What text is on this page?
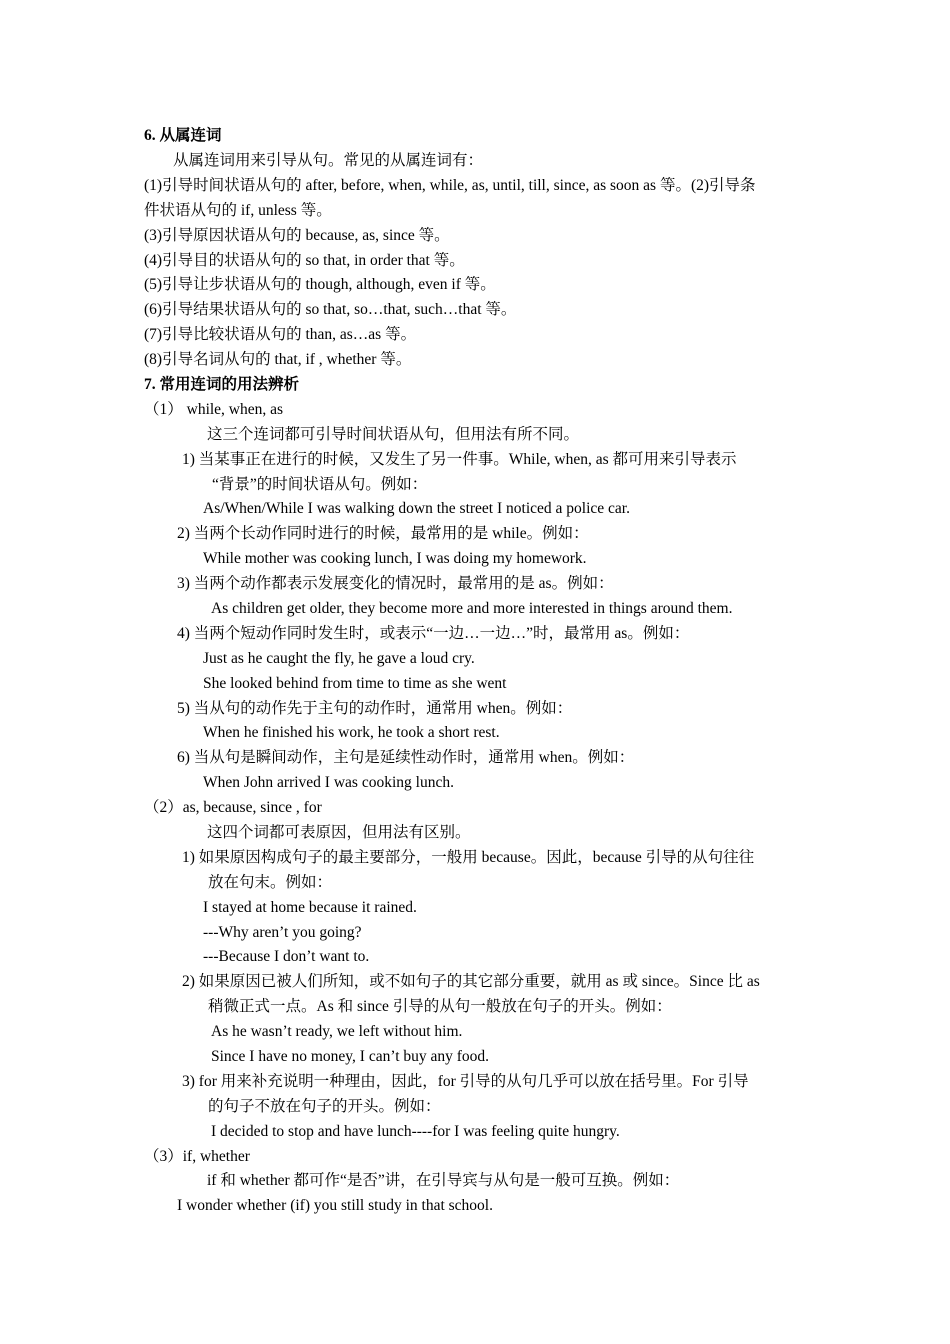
6. 从属连词
从属连词用来引导从句。常见的从属连词有：
(1)引导时间状语从句的 after, before, when, while, as, until, till, since, as soon as 等。(2)引导条
件状语从句的 if, unless 等。
(3)引导原因状语从句的 because, as, since 等。
(4)引导目的状语从句的 so that, in order that 等。
(5)引导让步状语从句的 though, although, even if 等。
(6)引导结果状语从句的 so that, so…that, such…that 等。
(7)引导比较状语从句的 than, as…as 等。
(8)引导名词从句的 that, if , whether 等。
7. 常用连词的用法辨析
（1） while, when, as
这三个连词都可引导时间状语从句，但用法有所不同。
1) 当某事正在进行的时候，又发生了另一件事。While, when, as 都可用来引导表示
“背景”的时间状语从句。例如：
As/When/While I was walking down the street I noticed a police car.
2) 当两个长动作同时进行的时候，最常用的是 while。例如：
While mother was cooking lunch, I was doing my homework.
3) 当两个动作都表示发展变化的情况时，最常用的是 as。例如：
As children get older, they become more and more interested in things around them.
4) 当两个短动作同时发生时，或表示“一边…一边…”时，最常用 as。例如：
Just as he caught the fly, he gave a loud cry.
She looked behind from time to time as she went
5) 当从句的动作先于主句的动作时，通常用 when。例如：
When he finished his work, he took a short rest.
6) 当从句是瞬间动作，主句是延续性动作时，通常用 when。例如：
When John arrived I was cooking lunch.
（2）as, because, since , for
这四个词都可表原因，但用法有区别。
1) 如果原因构成句子的最主要部分，一般用 because。因此，because 引导的从句往往
放在句末。例如：
I stayed at home because it rained.
---Why aren’t you going?
---Because I don’t want to.
2) 如果原因已被人们所知，或不如句子的其它部分重要，就用 as 或 since。Since 比 as
稍微正式一点。As 和 since 引导的从句一般放在句子的开头。例如：
As he wasn’t ready, we left without him.
Since I have no money, I can’t buy any food.
3) for 用来补充说明一种理由，因此，for 引导的从句几乎可以放在括号里。For 引导
的句子不放在句子的开头。例如：
I decided to stop and have lunch----for I was feeling quite hungry.
（3）if, whether
if 和 whether 都可作“是否”讲，在引导宾与从句是一般可互换。例如：
I wonder whether (if) you still study in that school.
